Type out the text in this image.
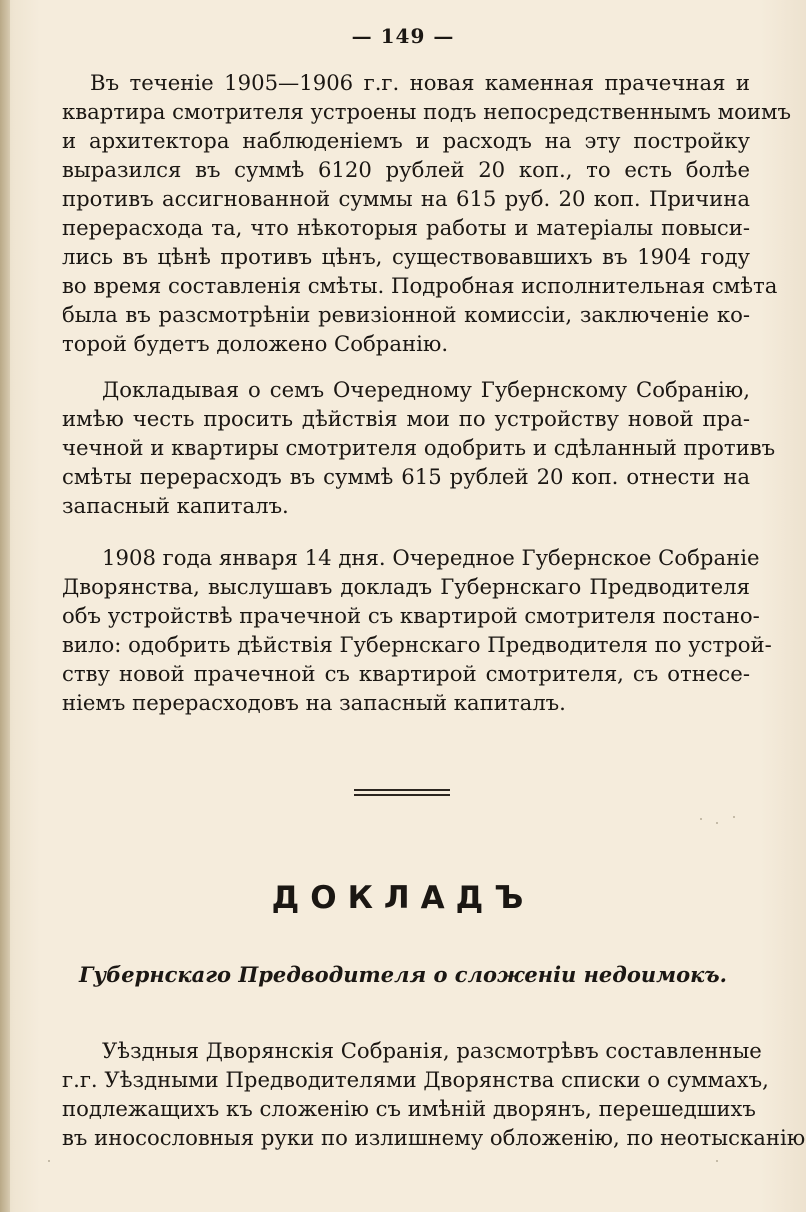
— 149 —
Въ теченіе 1905—1906 г.г. новая каменная прачечная и
квартира смотрителя устроены подъ непосредственнымъ моимъ
и архитектора наблюденіемъ и расходъ на эту постройку
выразился въ суммѣ 6120 рублей 20 коп., то есть болѣе
противъ ассигнованной суммы на 615 руб. 20 коп. Причина
перерасхода та, что нѣкоторыя работы и матеріалы повыси-
лись въ цѣнѣ противъ цѣнъ, существовавшихъ въ 1904 году
во время составленія смѣты. Подробная исполнительная смѣта
была въ разсмотрѣніи ревизіонной комиссіи, заключеніе ко-
торой будетъ доложено Собранію.
Докладывая о семъ Очередному Губернскому Собранію,
имѣю честь просить дѣйствія мои по устройству новой пра-
чечной и квартиры смотрителя одобрить и сдѣланный противъ
смѣты перерасходъ въ суммѣ 615 рублей 20 коп. отнести на
запасный капиталъ.
1908 года января 14 дня. Очередное Губернское Собраніе
Дворянства, выслушавъ докладъ Губернскаго Предводителя
объ устройствѣ прачечной съ квартирой смотрителя постано-
вило: одобрить дѣйствія Губернскаго Предводителя по устрой-
ству новой прачечной съ квартирой смотрителя, съ отнесе-
ніемъ перерасходовъ на запасный капиталъ.
ДОКЛАДЪ
Губернскаго Предводителя о сложеніи недоимокъ.
Уѣздныя Дворянскія Собранія, разсмотрѣвъ составленные
г.г. Уѣздными Предводителями Дворянства списки о суммахъ,
подлежащихъ къ сложенію съ имѣній дворянъ, перешедшихъ
въ иносословныя руки по излишнему обложенію, по неотысканію
